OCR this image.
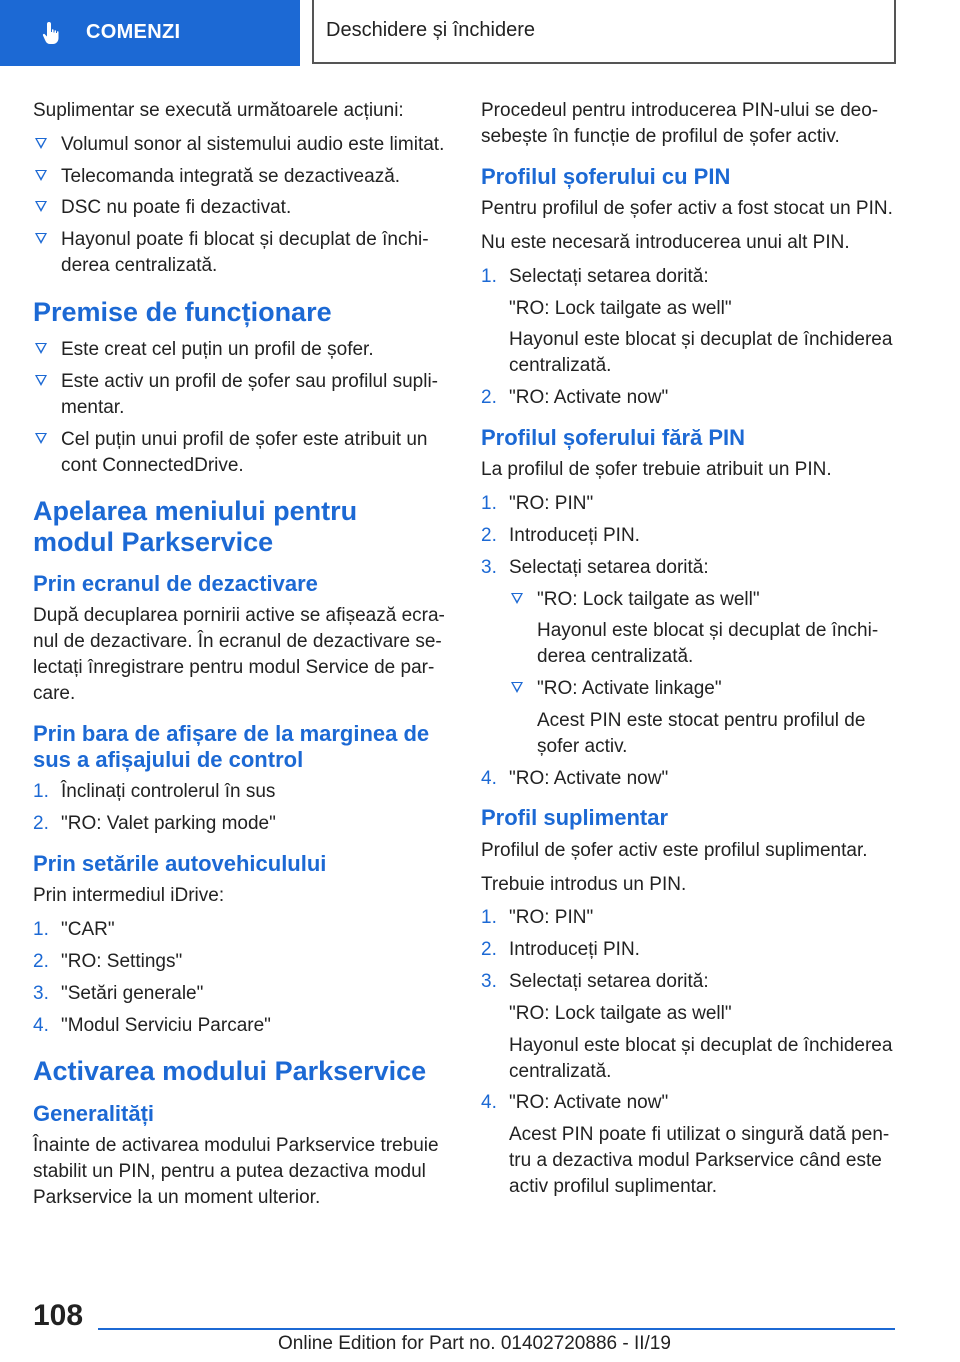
COMENZI	Deschidere și închidere

Suplimentar se execută următoarele acțiuni:

Volumul sonor al sistemului audio este limitat.
Telecomanda integrată se dezactivează.
DSC nu poate fi dezactivat.
Hayonul poate fi blocat și decuplat de închi-derea centralizată.
Premise de funcționare
Este creat cel puțin un profil de șofer.
Este activ un profil de șofer sau profilul supli-mentar.
Cel puțin unui profil de șofer este atribuit un cont ConnectedDrive.
Apelarea meniului pentru modul Parkservice
Prin ecranul de dezactivare

După decuplarea pornirii active se afișează ecra-nul de dezactivare. În ecranul de dezactivare se-lectați înregistrare pentru modul Service de par-care.

Prin bara de afișare de la marginea de sus a afișajului de control
1. Înclinați controlerul în sus
2. "RO: Valet parking mode"
Prin setările autovehiculului

Prin intermediul iDrive:

1. "CAR"
2. "RO: Settings"
3. "Setări generale"
4. "Modul Serviciu Parcare"
Activarea modului Parkservice
Generalități

Înainte de activarea modului Parkservice trebuie stabilit un PIN, pentru a putea dezactiva modul Parkservice la un moment ulterior.

Procedeul pentru introducerea PIN-ului se deo-sebește în funcție de profilul de șofer activ.

Profilul șoferului cu PIN

Pentru profilul de șofer activ a fost stocat un PIN.

Nu este necesară introducerea unui alt PIN.

1. Selectați setarea dorită:
"RO: Lock tailgate as well"
Hayonul este blocat și decuplat de închiderea centralizată.
2. "RO: Activate now"
Profilul șoferului fără PIN

La profilul de șofer trebuie atribuit un PIN.

1. "RO: PIN"
2. Introduceți PIN.
3. Selectați setarea dorită:
"RO: Lock tailgate as well"
Hayonul este blocat și decuplat de închi-derea centralizată.
"RO: Activate linkage"
Acest PIN este stocat pentru profilul de șofer activ.
4. "RO: Activate now"
Profil suplimentar

Profilul de șofer activ este profilul suplimentar.

Trebuie introdus un PIN.

1. "RO: PIN"
2. Introduceți PIN.
3. Selectați setarea dorită:
"RO: Lock tailgate as well"
Hayonul este blocat și decuplat de închiderea centralizată.
4. "RO: Activate now"
Acest PIN poate fi utilizat o singură dată pen-tru a dezactiva modul Parkservice când este activ profilul suplimentar.
108
Online Edition for Part no. 01402720886 - II/19
